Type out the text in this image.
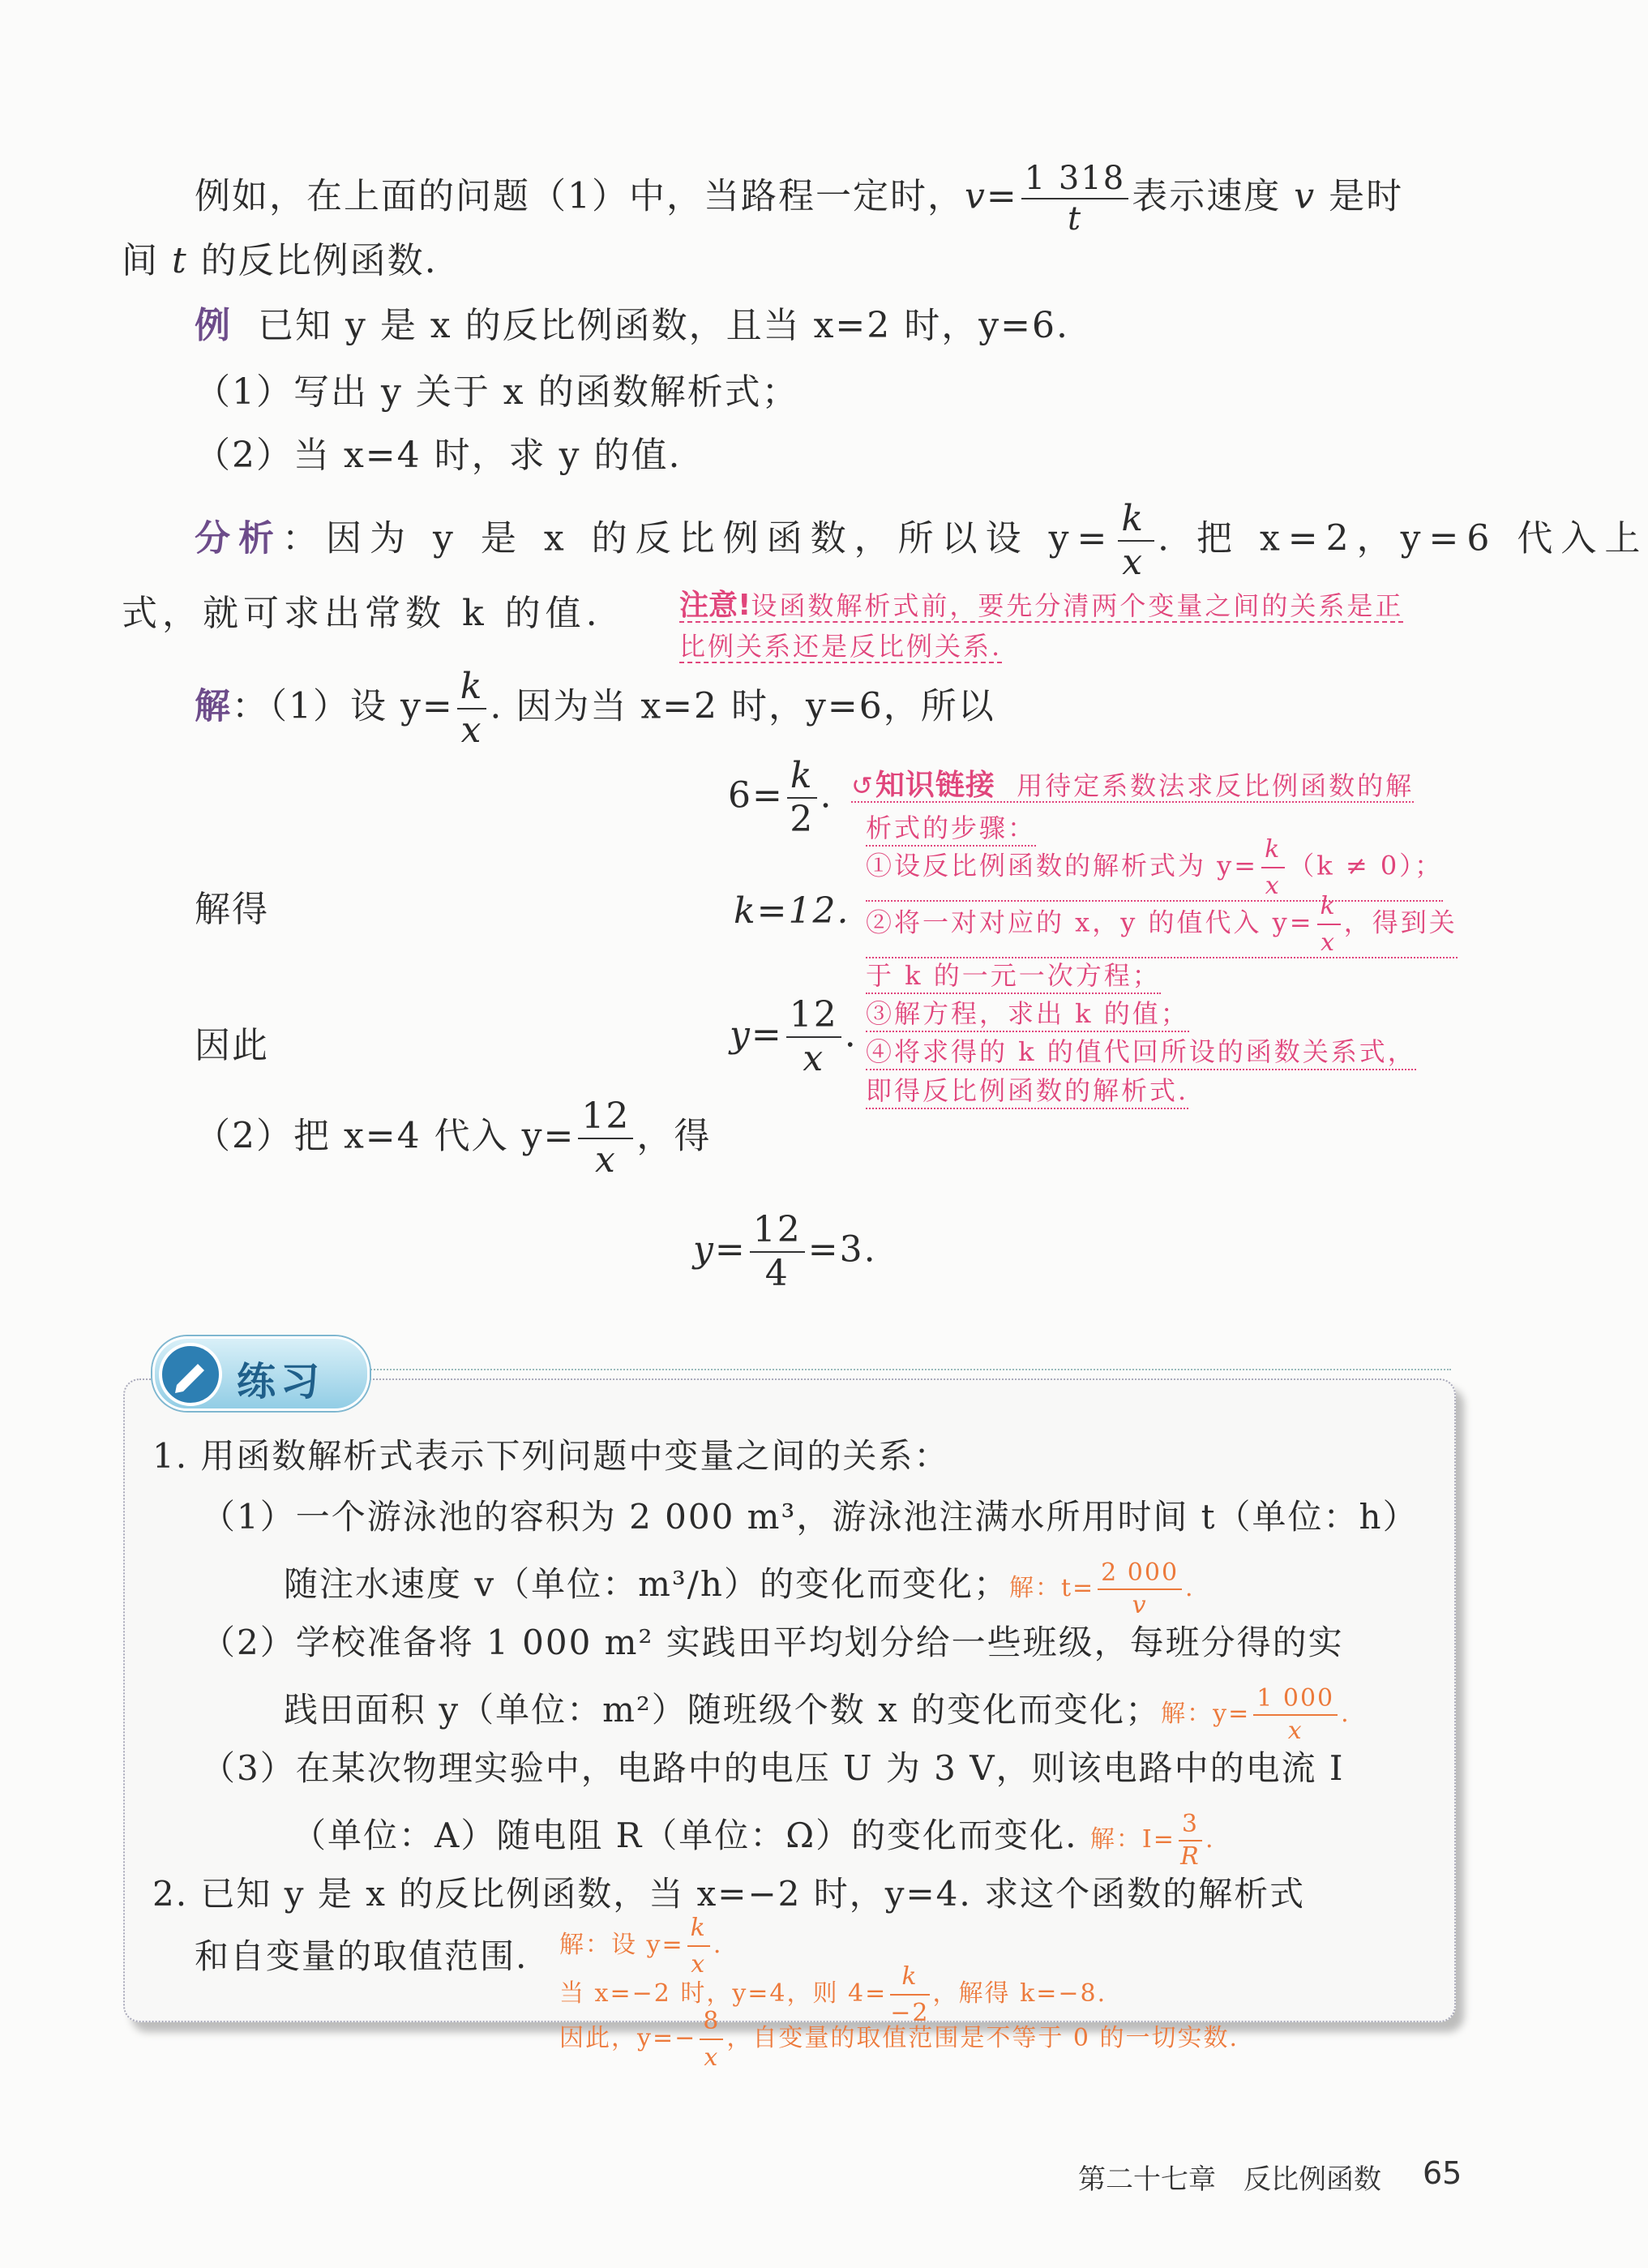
例如，在上面的问题（1）中，当路程一定时，$v= \frac{1 318}{t}$ 表示速度 v 是时
间 t 的反比例函数.
例 已知 y 是 x 的反比例函数，且当 x=2 时，y=6.
（1）写出 y 关于 x 的函数解析式；
（2）当 x=4 时，求 y 的值.
分析：因为 y 是 x 的反比例函数，所以设 $y= \frac{k}{x}$ . 把 x=2，y=6 代入上
式，就可求出常数 k 的值.	注意!设函数解析式前，要先分清两个变量之间的关系是正
比例关系还是反比例关系.
解：（1）设 $y= \frac{k}{x}$ . 因为当 x=2 时，y=6，所以
$6= \frac{k}{2}$ .
解得	k=12.
因此	$y= \frac{12}{x}$ .
（2）把 x=4 代入 $y= \frac{12}{x}$ ，得
$y= \frac{12}{4} =3$.
↺知识链接 用待定系数法求反比例函数的解
析式的步骤：
①设反比例函数的解析式为 $y= \frac{k}{x} (k \ne 0)$；
②将一对对应的 x，y 的值代入 $y= \frac{k}{x}$ ，得到关
于 k 的一元一次方程；
③解方程，求出 k 的值；
④将求得的 k 的值代回所设的函数关系式，
即得反比例函数的解析式.
练习
1. 用函数解析式表示下列问题中变量之间的关系：
（1）一个游泳池的容积为 2 000 m³，游泳池注满水所用时间 t（单位：h）
随注水速度 v（单位：m³/h）的变化而变化；解：$t= \frac{2 000}{v}$ .
（2）学校准备将 1 000 m² 实践田平均划分给一些班级，每班分得的实
践田面积 y（单位：m²）随班级个数 x 的变化而变化；解：$y= \frac{1 000}{x}$ .
（3）在某次物理实验中，电路中的电压 U 为 3 V，则该电路中的电流 I
（单位：A）随电阻 R（单位：Ω）的变化而变化. 解：$I= \frac{3}{R}$ .
2. 已知 y 是 x 的反比例函数，当 x=−2 时，y=4. 求这个函数的解析式
和自变量的取值范围. 解：设 $y= \frac{k}{x}$ .
当 x=−2 时，y=4，则 $4= \frac{k}{-2}$ ，解得 k=−8.
因此，$y=- \frac{8}{x}$ ，自变量的取值范围是不等于 0 的一切实数.
第二十七章　反比例函数 65
